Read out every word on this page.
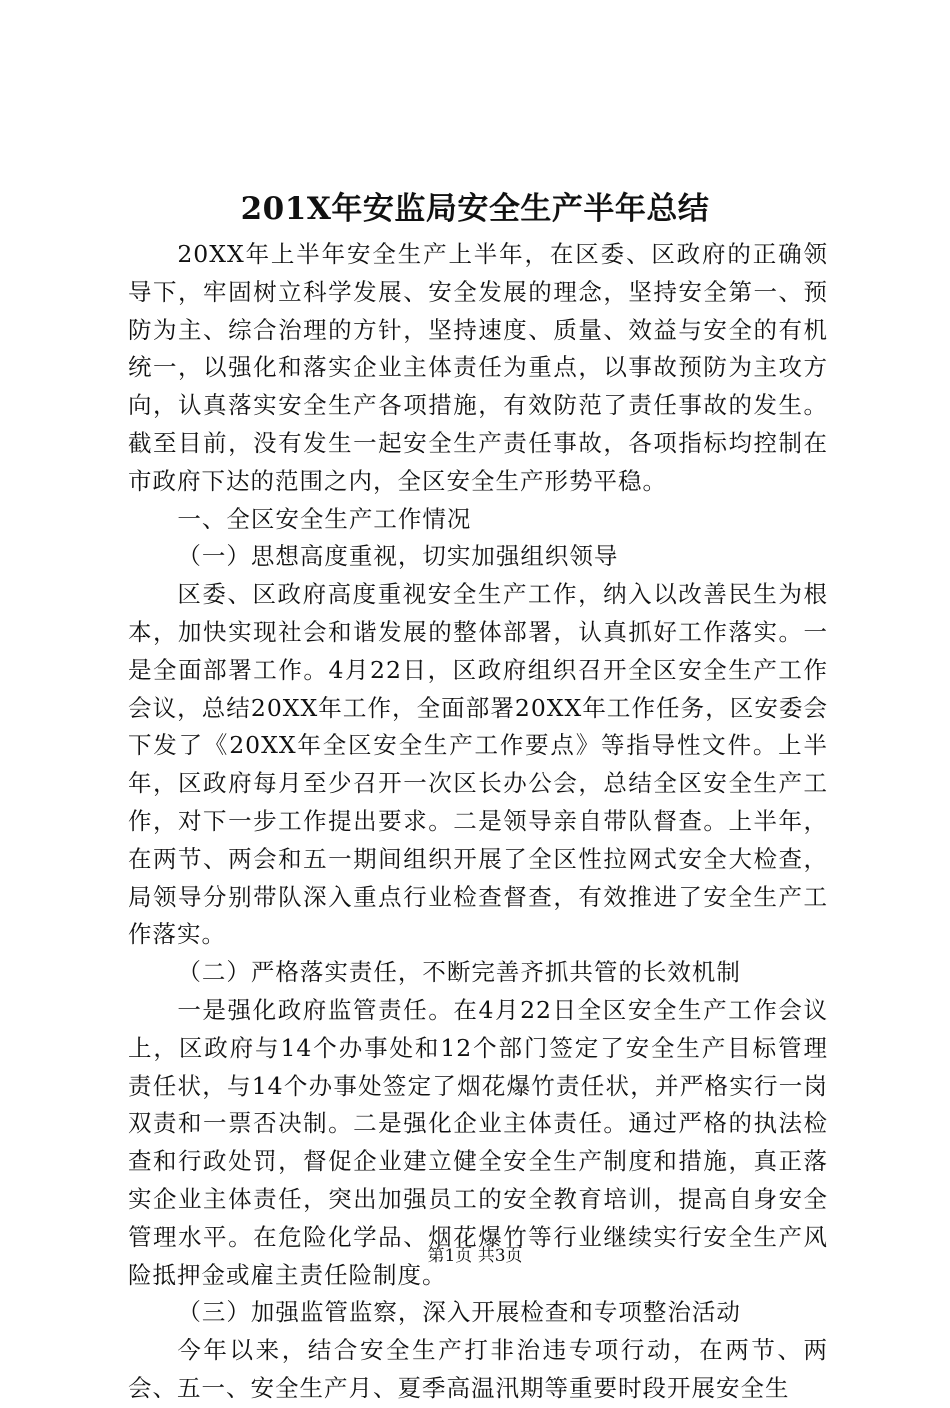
201X年安监局安全生产半年总结

20XX年上半年安全生产上半年，在区委、区政府的正确领导下，牢固树立科学发展、安全发展的理念，坚持安全第一、预防为主、综合治理的方针，坚持速度、质量、效益与安全的有机统一，以强化和落实企业主体责任为重点，以事故预防为主攻方向，认真落实安全生产各项措施，有效防范了责任事故的发生。截至目前，没有发生一起安全生产责任事故，各项指标均控制在市政府下达的范围之内，全区安全生产形势平稳。

一、全区安全生产工作情况

（一）思想高度重视，切实加强组织领导

区委、区政府高度重视安全生产工作，纳入以改善民生为根本，加快实现社会和谐发展的整体部署，认真抓好工作落实。一是全面部署工作。4月22日，区政府组织召开全区安全生产工作会议，总结20XX年工作，全面部署20XX年工作任务，区安委会下发了《20XX年全区安全生产工作要点》等指导性文件。上半年，区政府每月至少召开一次区长办公会，总结全区安全生产工作，对下一步工作提出要求。二是领导亲自带队督查。上半年，在两节、两会和五一期间组织开展了全区性拉网式安全大检查，局领导分别带队深入重点行业检查督查，有效推进了安全生产工作落实。

（二）严格落实责任，不断完善齐抓共管的长效机制

一是强化政府监管责任。在4月22日全区安全生产工作会议上，区政府与14个办事处和12个部门签定了安全生产目标管理责任状，与14个办事处签定了烟花爆竹责任状，并严格实行一岗双责和一票否决制。二是强化企业主体责任。通过严格的执法检查和行政处罚，督促企业建立健全安全生产制度和措施，真正落实企业主体责任，突出加强员工的安全教育培训，提高自身安全管理水平。在危险化学品、烟花爆竹等行业继续实行安全生产风险抵押金或雇主责任险制度。

（三）加强监管监察，深入开展检查和专项整治活动

今年以来，结合安全生产打非治违专项行动，在两节、两会、五一、安全生产月、夏季高温汛期等重要时段开展安全生

第1页 共3页
